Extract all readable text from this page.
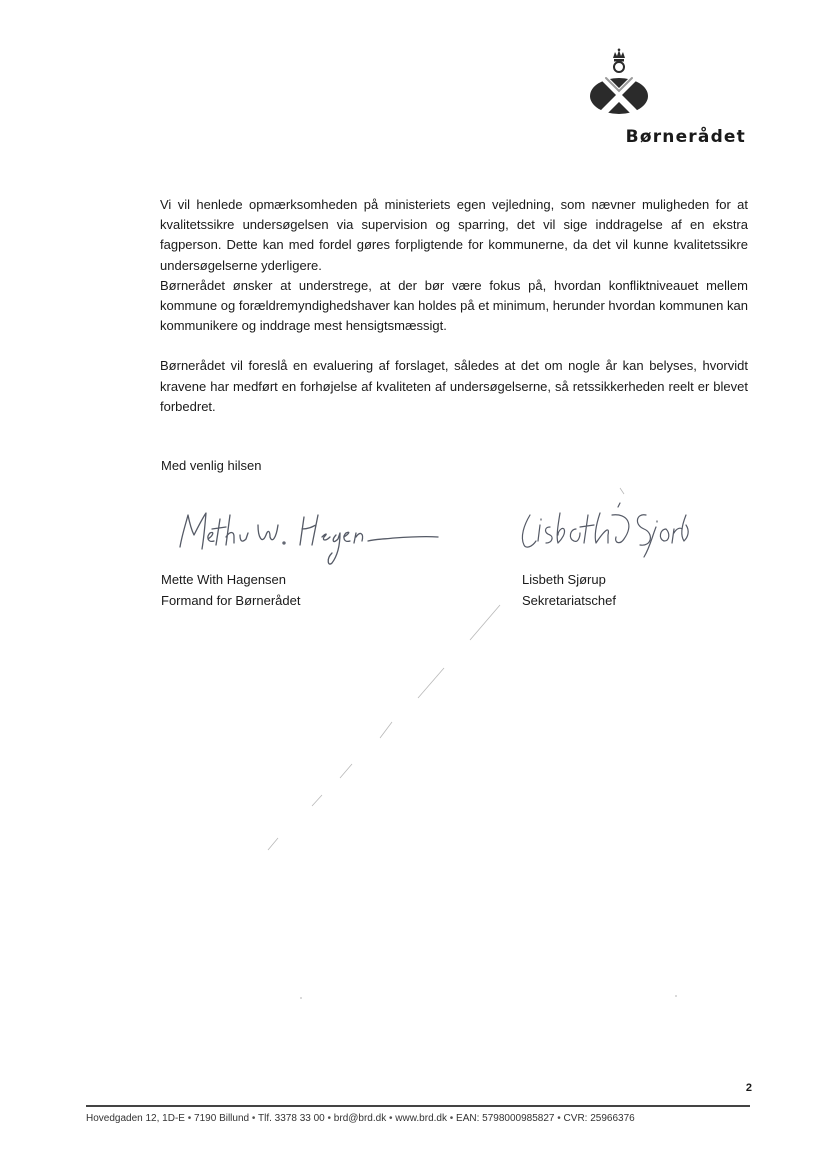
Børnerådet

Vi vil henlede opmærksomheden på ministeriets egen vejledning, som nævner muligheden for at kvalitetssikre undersøgelsen via supervision og sparring, det vil sige inddragelse af en ekstra fagperson. Dette kan med fordel gøres forpligtende for kommunerne, da det vil kunne kvalitetssikre undersøgelserne yderligere.

Børnerådet ønsker at understrege, at der bør være fokus på, hvordan konfliktniveauet mellem kommune og forældremyndighedshaver kan holdes på et minimum, herunder hvordan kommunen kan kommunikere og inddrage mest hensigtsmæssigt.

Børnerådet vil foreslå en evaluering af forslaget, således at det om nogle år kan belyses, hvorvidt kravene har medført en forhøjelse af kvaliteten af undersøgelserne, så retssikkerheden reelt er blevet forbedret.

Med venlig hilsen
Mette With Hagensen
Formand for Børnerådet
Lisbeth Sjørup
Sekretariatschef
2
Hovedgaden 12, 1D-E • 7190 Billund • Tlf. 3378 33 00 • brd@brd.dk • www.brd.dk • EAN: 5798000985827 • CVR: 25966376
